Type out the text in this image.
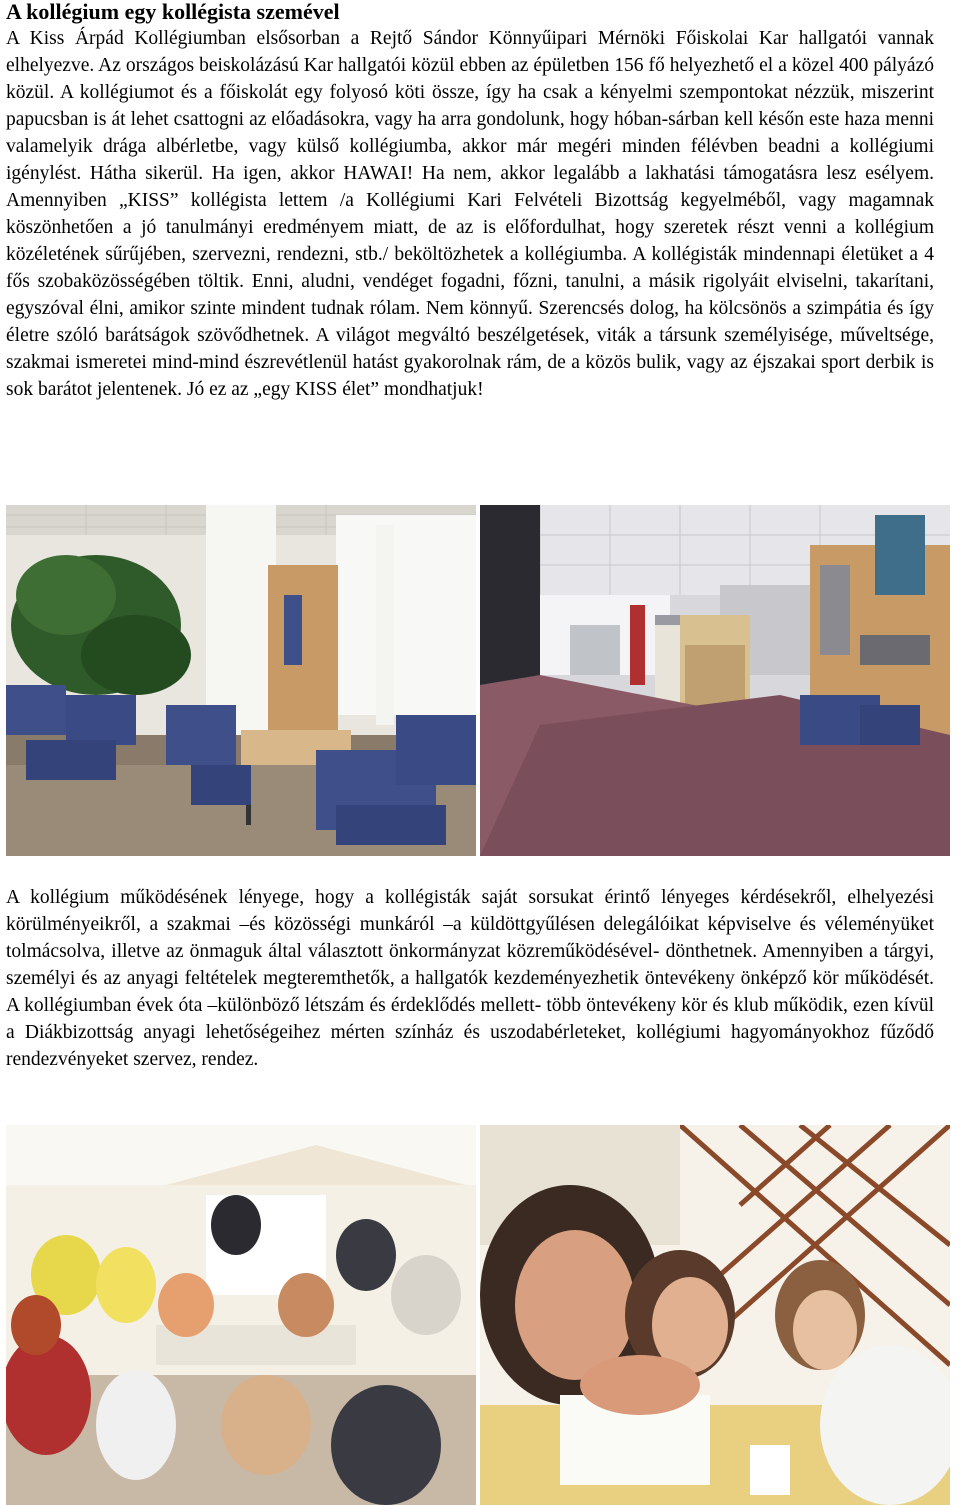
A kollégium egy kollégista szemével

A Kiss Árpád Kollégiumban elsősorban a Rejtő Sándor Könnyűipari Mérnöki Főiskolai Kar hallgatói vannak elhelyezve. Az országos beiskolázású Kar hallgatói közül ebben az épületben 156 fő helyezhető el a közel 400 pályázó közül. A kollégiumot és a főiskolát egy folyosó köti össze, így ha csak a kényelmi szempontokat nézzük, miszerint papucsban is át lehet csattogni az előadásokra, vagy ha arra gondolunk, hogy hóban-sárban kell későn este haza menni valamelyik drága albérletbe, vagy külső kollégiumba, akkor már megéri minden félévben beadni a kollégiumi igénylést. Hátha sikerül. Ha igen, akkor HAWAI! Ha nem, akkor legalább a lakhatási támogatásra lesz esélyem. Amennyiben „KISS” kollégista lettem /a Kollégiumi Kari Felvételi Bizottság kegyelméből, vagy magamnak köszönhetően a jó tanulmányi eredményem miatt, de az is előfordulhat, hogy szeretek részt venni a kollégium közéletének sűrűjében, szervezni, rendezni, stb./ beköltözhetek a kollégiumba. A kollégisták mindennapi életüket a 4 fős szobaközösségében töltik. Enni, aludni, vendéget fogadni, főzni, tanulni, a másik rigolyáit elviselni, takarítani, egyszóval élni, amikor szinte mindent tudnak rólam. Nem könnyű. Szerencsés dolog, ha kölcsönös a szimpátia és így életre szóló barátságok szövődhetnek. A világot megváltó beszélgetések, viták a társunk személyisége, műveltsége, szakmai ismeretei mind-mind észrevétlenül hatást gyakorolnak rám, de a közös bulik, vagy az éjszakai sport derbik is sok barátot jelentenek. Jó ez az „egy KISS élet” mondhatjuk!

A kollégium működésének lényege, hogy a kollégisták saját sorsukat érintő lényeges kérdésekről, elhelyezési körülményeikről, a szakmai –és közösségi munkáról –a küldöttgyűlésen delegálóikat képviselve és véleményüket tolmácsolva, illetve az önmaguk által választott önkormányzat közreműködésével- dönthetnek. Amennyiben a tárgyi, személyi és az anyagi feltételek megteremthetők, a hallgatók kezdeményezhetik öntevékeny önképző kör működését. A kollégiumban évek óta –különböző létszám és érdeklődés mellett- több öntevékeny kör és klub működik, ezen kívül a Diákbizottság anyagi lehetőségeihez mérten színház és uszodabérleteket, kollégiumi hagyományokhoz fűződő rendezvényeket szervez, rendez.
